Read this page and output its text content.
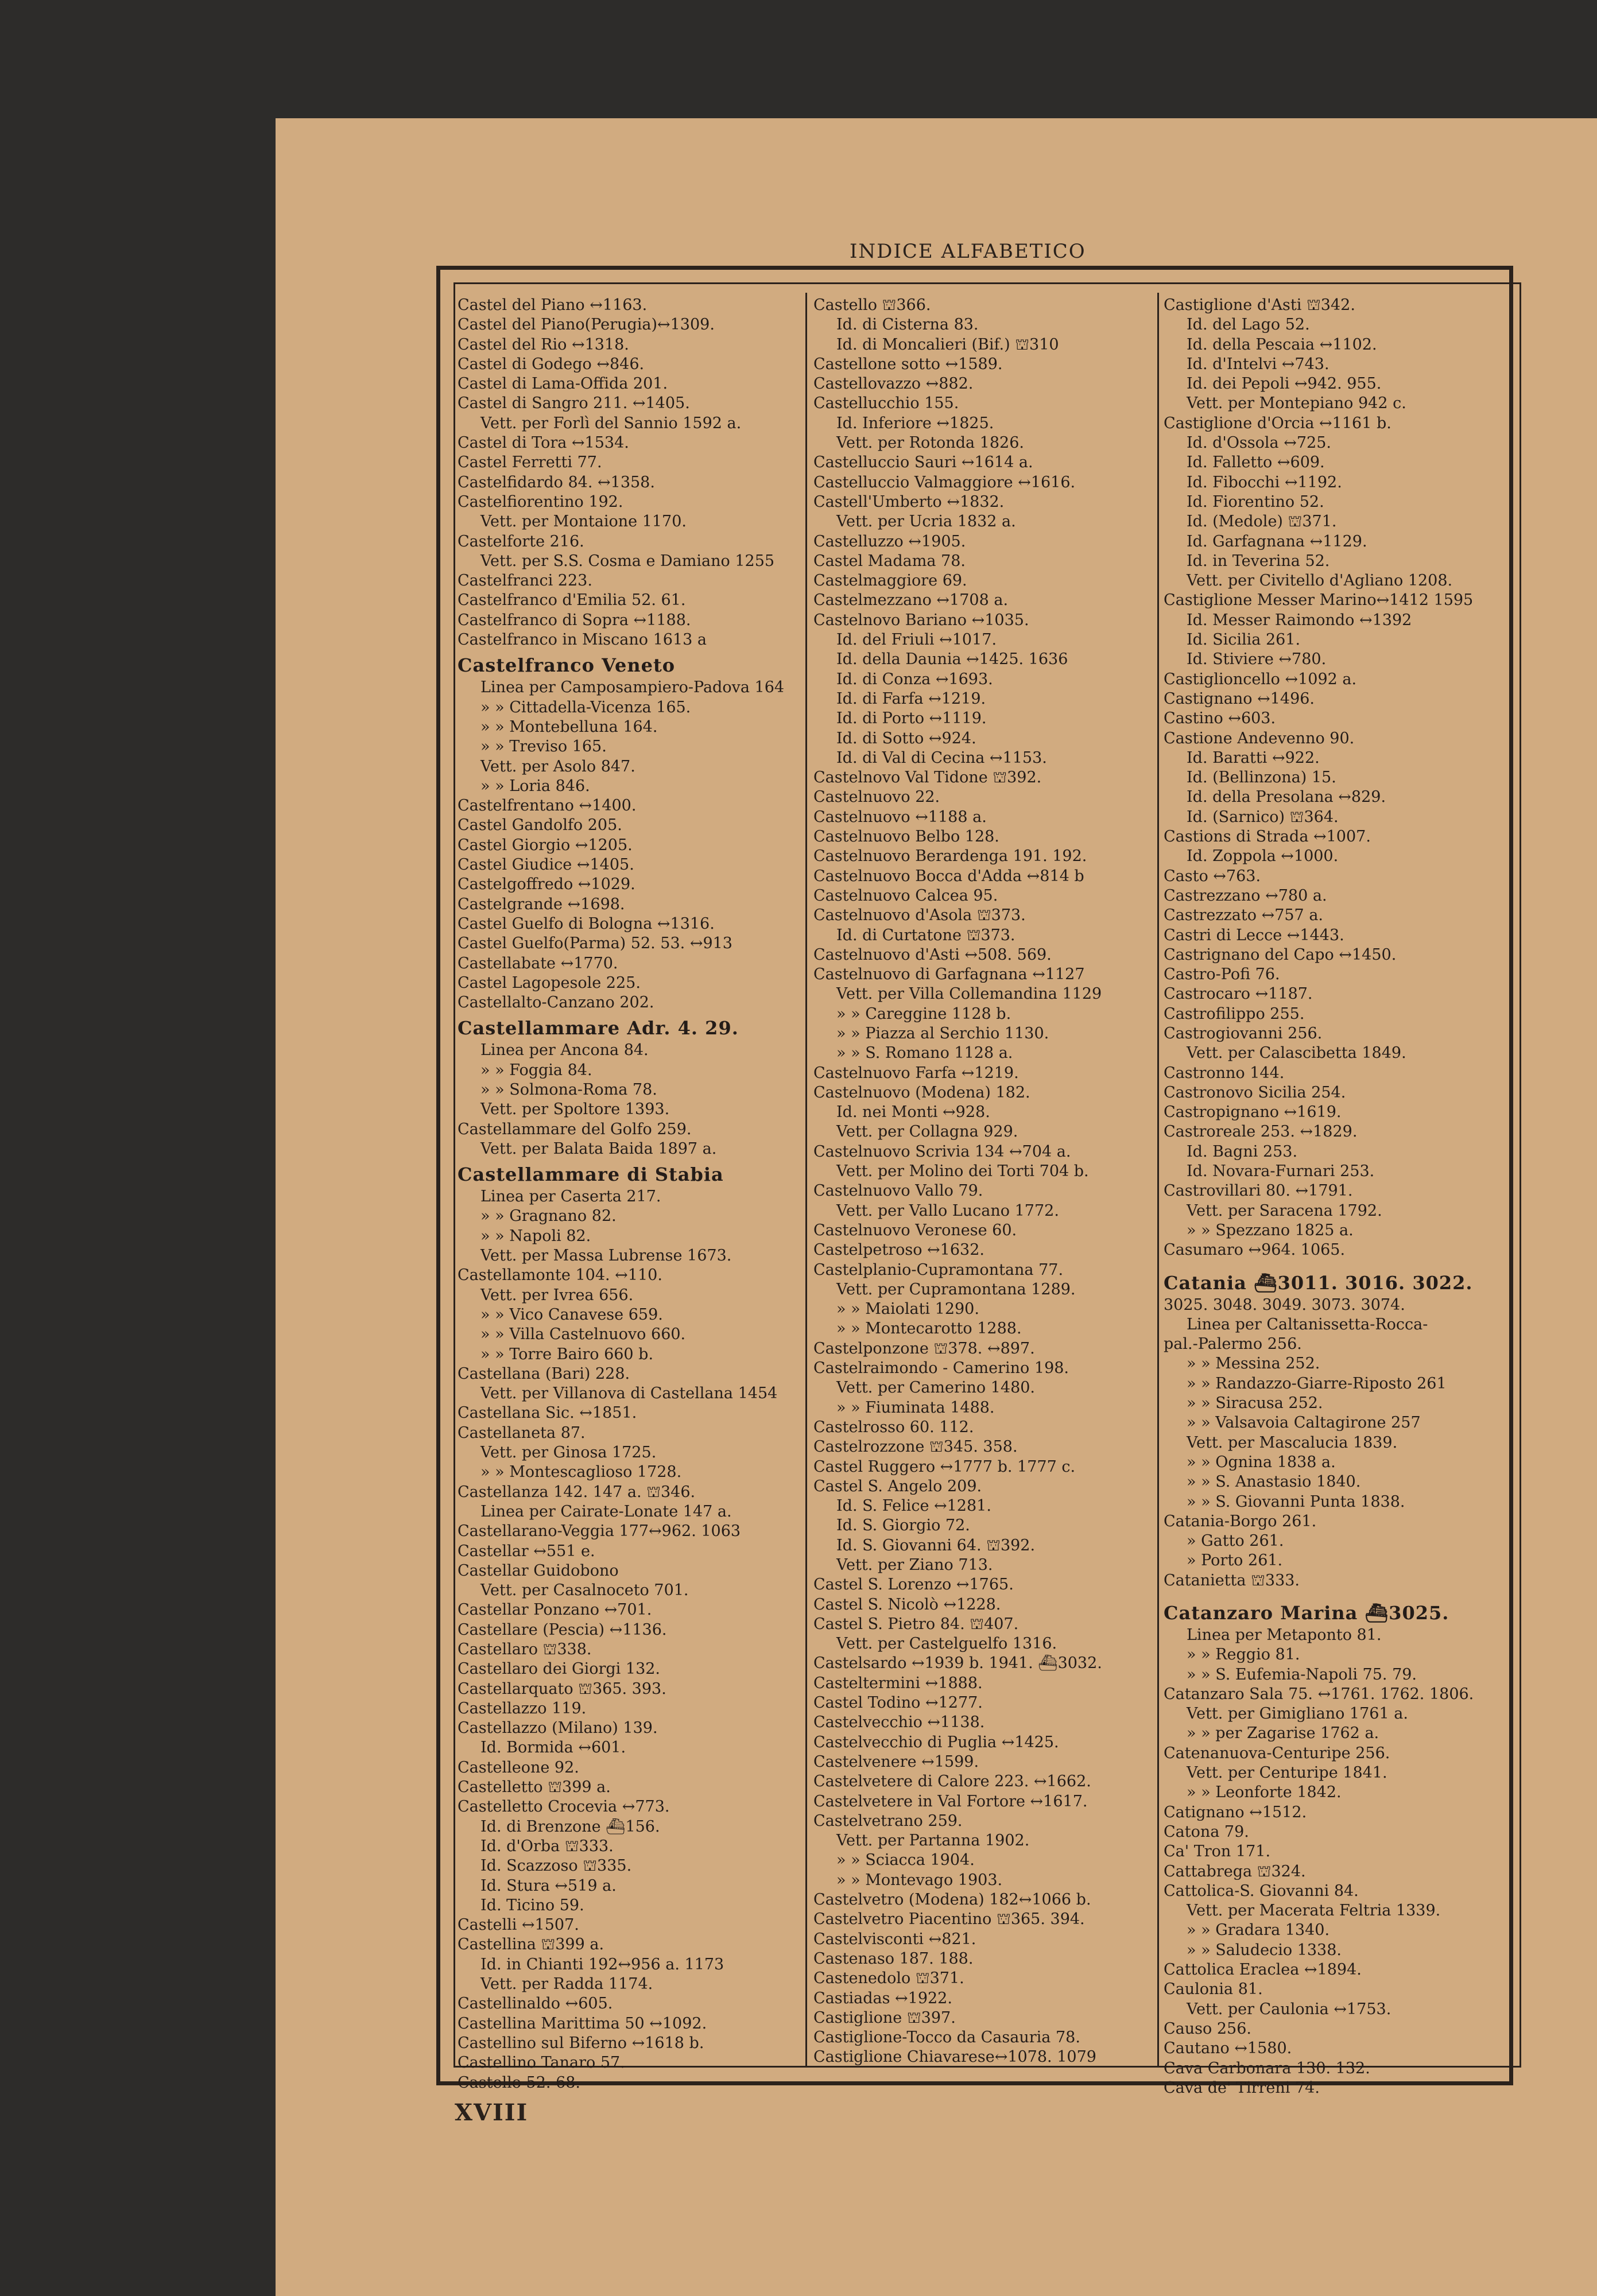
INDICE ALFABETICO
Castel del Piano ↔1163.
Castel del Piano(Perugia)↔1309.
Castel del Rio ↔1318.
Castel di Godego ↔846.
Castel di Lama-Offida 201.
Castel di Sangro 211. ↔1405.
Vett. per Forlì del Sannio 1592 a.
Castel di Tora ↔1534.
Castel Ferretti 77.
Castelfidardo 84. ↔1358.
Castelfiorentino 192.
Vett. per Montaione 1170.
Castelforte 216.
Vett. per S.S. Cosma e Damiano 1255
Castelfranci 223.
Castelfranco d'Emilia 52. 61.
Castelfranco di Sopra ↔1188.
Castelfranco in Miscano 1613 a
Castelfranco Veneto
Linea per Camposampiero-Padova 164
» » Cittadella-Vicenza 165.
» » Montebelluna 164.
» » Treviso 165.
Vett. per Asolo 847.
» » Loria 846.
Castelfrentano ↔1400.
Castel Gandolfo 205.
Castel Giorgio ↔1205.
Castel Giudice ↔1405.
Castelgoffredo ↔1029.
Castelgrande ↔1698.
Castel Guelfo di Bologna ↔1316.
Castel Guelfo(Parma) 52. 53. ↔913
Castellabate ↔1770.
Castel Lagopesole 225.
Castellalto-Canzano 202.
Castellammare Adr. 4. 29.
Linea per Ancona 84.
» » Foggia 84.
» » Solmona-Roma 78.
Vett. per Spoltore 1393.
Castellammare del Golfo 259.
Vett. per Balata Baida 1897 a.
Castellammare di Stabia
Linea per Caserta 217.
» » Gragnano 82.
» » Napoli 82.
Vett. per Massa Lubrense 1673.
Castellamonte 104. ↔110.
Vett. per Ivrea 656.
» » Vico Canavese 659.
» » Villa Castelnuovo 660.
» » Torre Bairo 660 b.
Castellana (Bari) 228.
Vett. per Villanova di Castellana 1454
Castellana Sic. ↔1851.
Castellaneta 87.
Vett. per Ginosa 1725.
» » Montescaglioso 1728.
Castellanza 142. 147 a. ⛫346.
Linea per Cairate-Lonate 147 a.
Castellarano-Veggia 177↔962. 1063
Castellar ↔551 e.
Castellar Guidobono
Vett. per Casalnoceto 701.
Castellar Ponzano ↔701.
Castellare (Pescia) ↔1136.
Castellaro ⛫338.
Castellaro dei Giorgi 132.
Castellarquato ⛫365. 393.
Castellazzo 119.
Castellazzo (Milano) 139.
Id. Bormida ↔601.
Castelleone 92.
Castelletto ⛫399 a.
Castelletto Crocevia ↔773.
Id. di Brenzone ⛴156.
Id. d'Orba ⛫333.
Id. Scazzoso ⛫335.
Id. Stura ↔519 a.
Id. Ticino 59.
Castelli ↔1507.
Castellina ⛫399 a.
Id. in Chianti 192↔956 a. 1173
Vett. per Radda 1174.
Castellinaldo ↔605.
Castellina Marittima 50 ↔1092.
Castellino sul Biferno ↔1618 b.
Castellino Tanaro 57.
Castello 52. 68.
Castello ⛫366.
Id. di Cisterna 83.
Id. di Moncalieri (Bif.) ⛫310
Castellone sotto ↔1589.
Castellovazzo ↔882.
Castellucchio 155.
Id. Inferiore ↔1825.
Vett. per Rotonda 1826.
Castelluccio Sauri ↔1614 a.
Castelluccio Valmaggiore ↔1616.
Castell'Umberto ↔1832.
Vett. per Ucria 1832 a.
Castelluzzo ↔1905.
Castel Madama 78.
Castelmaggiore 69.
Castelmezzano ↔1708 a.
Castelnovo Bariano ↔1035.
Id. del Friuli ↔1017.
Id. della Daunia ↔1425. 1636
Id. di Conza ↔1693.
Id. di Farfa ↔1219.
Id. di Porto ↔1119.
Id. di Sotto ↔924.
Id. di Val di Cecina ↔1153.
Castelnovo Val Tidone ⛫392.
Castelnuovo 22.
Castelnuovo ↔1188 a.
Castelnuovo Belbo 128.
Castelnuovo Berardenga 191. 192.
Castelnuovo Bocca d'Adda ↔814 b
Castelnuovo Calcea 95.
Castelnuovo d'Asola ⛫373.
Id. di Curtatone ⛫373.
Castelnuovo d'Asti ↔508. 569.
Castelnuovo di Garfagnana ↔1127
Vett. per Villa Collemandina 1129
» » Careggine 1128 b.
» » Piazza al Serchio 1130.
» » S. Romano 1128 a.
Castelnuovo Farfa ↔1219.
Castelnuovo (Modena) 182.
Id. nei Monti ↔928.
Vett. per Collagna 929.
Castelnuovo Scrivia 134 ↔704 a.
Vett. per Molino dei Torti 704 b.
Castelnuovo Vallo 79.
Vett. per Vallo Lucano 1772.
Castelnuovo Veronese 60.
Castelpetroso ↔1632.
Castelplanio-Cupramontana 77.
Vett. per Cupramontana 1289.
» » Maiolati 1290.
» » Montecarotto 1288.
Castelponzone ⛫378. ↔897.
Castelraimondo - Camerino 198.
Vett. per Camerino 1480.
» » Fiuminata 1488.
Castelrosso 60. 112.
Castelrozzone ⛫345. 358.
Castel Ruggero ↔1777 b. 1777 c.
Castel S. Angelo 209.
Id. S. Felice ↔1281.
Id. S. Giorgio 72.
Id. S. Giovanni 64. ⛫392.
Vett. per Ziano 713.
Castel S. Lorenzo ↔1765.
Castel S. Nicolò ↔1228.
Castel S. Pietro 84. ⛫407.
Vett. per Castelguelfo 1316.
Castelsardo ↔1939 b. 1941. ⛴3032.
Casteltermini ↔1888.
Castel Todino ↔1277.
Castelvecchio ↔1138.
Castelvecchio di Puglia ↔1425.
Castelvenere ↔1599.
Castelvetere di Calore 223. ↔1662.
Castelvetere in Val Fortore ↔1617.
Castelvetrano 259.
Vett. per Partanna 1902.
» » Sciacca 1904.
» » Montevago 1903.
Castelvetro (Modena) 182↔1066 b.
Castelvetro Piacentino ⛫365. 394.
Castelvisconti ↔821.
Castenaso 187. 188.
Castenedolo ⛫371.
Castiadas ↔1922.
Castiglione ⛫397.
Castiglione-Tocco da Casauria 78.
Castiglione Chiavarese↔1078. 1079
Castiglione d'Asti ⛫342.
Id. del Lago 52.
Id. della Pescaia ↔1102.
Id. d'Intelvi ↔743.
Id. dei Pepoli ↔942. 955.
Vett. per Montepiano 942 c.
Castiglione d'Orcia ↔1161 b.
Id. d'Ossola ↔725.
Id. Falletto ↔609.
Id. Fibocchi ↔1192.
Id. Fiorentino 52.
Id. (Medole) ⛫371.
Id. Garfagnana ↔1129.
Id. in Teverina 52.
Vett. per Civitello d'Agliano 1208.
Castiglione Messer Marino↔1412 1595
Id. Messer Raimondo ↔1392
Id. Sicilia 261.
Id. Stiviere ↔780.
Castiglioncello ↔1092 a.
Castignano ↔1496.
Castino ↔603.
Castione Andevenno 90.
Id. Baratti ↔922.
Id. (Bellinzona) 15.
Id. della Presolana ↔829.
Id. (Sarnico) ⛫364.
Castions di Strada ↔1007.
Id. Zoppola ↔1000.
Casto ↔763.
Castrezzano ↔780 a.
Castrezzato ↔757 a.
Castri di Lecce ↔1443.
Castrignano del Capo ↔1450.
Castro-Pofi 76.
Castrocaro ↔1187.
Castrofilippo 255.
Castrogiovanni 256.
Vett. per Calascibetta 1849.
Castronno 144.
Castronovo Sicilia 254.
Castropignano ↔1619.
Castroreale 253. ↔1829.
Id. Bagni 253.
Id. Novara-Furnari 253.
Castrovillari 80. ↔1791.
Vett. per Saracena 1792.
» » Spezzano 1825 a.
Casumaro ↔964. 1065.
Catania ⛴3011. 3016. 3022.
3025. 3048. 3049. 3073. 3074.
Linea per Caltanissetta-Rocca-
pal.-Palermo 256.
» » Messina 252.
» » Randazzo-Giarre-Riposto 261
» » Siracusa 252.
» » Valsavoia Caltagirone 257
Vett. per Mascalucia 1839.
» » Ognina 1838 a.
» » S. Anastasio 1840.
» » S. Giovanni Punta 1838.
Catania-Borgo 261.
» Gatto 261.
» Porto 261.
Catanietta ⛫333.
Catanzaro Marina ⛴3025.
Linea per Metaponto 81.
» » Reggio 81.
» » S. Eufemia-Napoli 75. 79.
Catanzaro Sala 75. ↔1761. 1762. 1806.
Vett. per Gimigliano 1761 a.
» » per Zagarise 1762 a.
Catenanuova-Centuripe 256.
Vett. per Centuripe 1841.
» » Leonforte 1842.
Catignano ↔1512.
Catona 79.
Ca' Tron 171.
Cattabrega ⛫324.
Cattolica-S. Giovanni 84.
Vett. per Macerata Feltria 1339.
» » Gradara 1340.
» » Saludecio 1338.
Cattolica Eraclea ↔1894.
Caulonia 81.
Vett. per Caulonia ↔1753.
Causo 256.
Cautano ↔1580.
Cava Carbonara 130. 132.
Cava de' Tirreni 74.
XVIII
